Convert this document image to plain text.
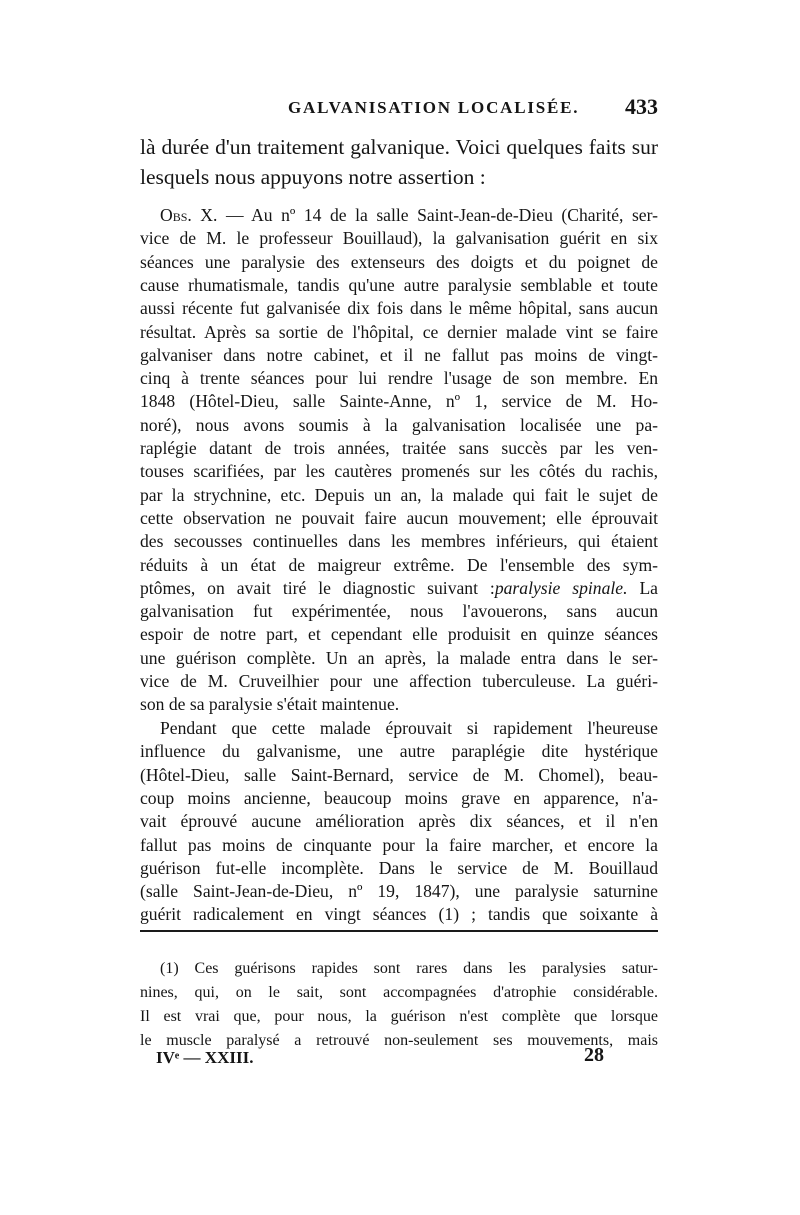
GALVANISATION LOCALISÉE. 433
là durée d'un traitement galvanique. Voici quelques faits sur
lesquels nous appuyons notre assertion :
Obs. X. — Au nº 14 de la salle Saint-Jean-de-Dieu (Charité, ser-
vice de M. le professeur Bouillaud), la galvanisation guérit en six
séances une paralysie des extenseurs des doigts et du poignet de
cause rhumatismale, tandis qu'une autre paralysie semblable et toute
aussi récente fut galvanisée dix fois dans le même hôpital, sans aucun
résultat. Après sa sortie de l'hôpital, ce dernier malade vint se faire
galvaniser dans notre cabinet, et il ne fallut pas moins de vingt-
cinq à trente séances pour lui rendre l'usage de son membre. En
1848 (Hôtel-Dieu, salle Sainte-Anne, nº 1, service de M. Ho-
noré), nous avons soumis à la galvanisation localisée une pa-
raplégie datant de trois années, traitée sans succès par les ven-
touses scarifiées, par les cautères promenés sur les côtés du rachis,
par la strychnine, etc. Depuis un an, la malade qui fait le sujet de
cette observation ne pouvait faire aucun mouvement; elle éprouvait
des secousses continuelles dans les membres inférieurs, qui étaient
réduits à un état de maigreur extrême. De l'ensemble des sym-
ptômes, on avait tiré le diagnostic suivant :paralysie spinale. La
galvanisation fut expérimentée, nous l'avouerons, sans aucun
espoir de notre part, et cependant elle produisit en quinze séances
une guérison complète. Un an après, la malade entra dans le ser-
vice de M. Cruveilhier pour une affection tuberculeuse. La guéri-
son de sa paralysie s'était maintenue.
Pendant que cette malade éprouvait si rapidement l'heureuse
influence du galvanisme, une autre paraplégie dite hystérique
(Hôtel-Dieu, salle Saint-Bernard, service de M. Chomel), beau-
coup moins ancienne, beaucoup moins grave en apparence, n'a-
vait éprouvé aucune amélioration après dix séances, et il n'en
fallut pas moins de cinquante pour la faire marcher, et encore la
guérison fut-elle incomplète. Dans le service de M. Bouillaud
(salle Saint-Jean-de-Dieu, nº 19, 1847), une paralysie saturnine
guérit radicalement en vingt séances (1) ; tandis que soixante à
(1) Ces guérisons rapides sont rares dans les paralysies satur-
nines, qui, on le sait, sont accompagnées d'atrophie considérable.
Il est vrai que, pour nous, la guérison n'est complète que lorsque
le muscle paralysé a retrouvé non-seulement ses mouvements, mais
IVᵉ — XXIII.	28
